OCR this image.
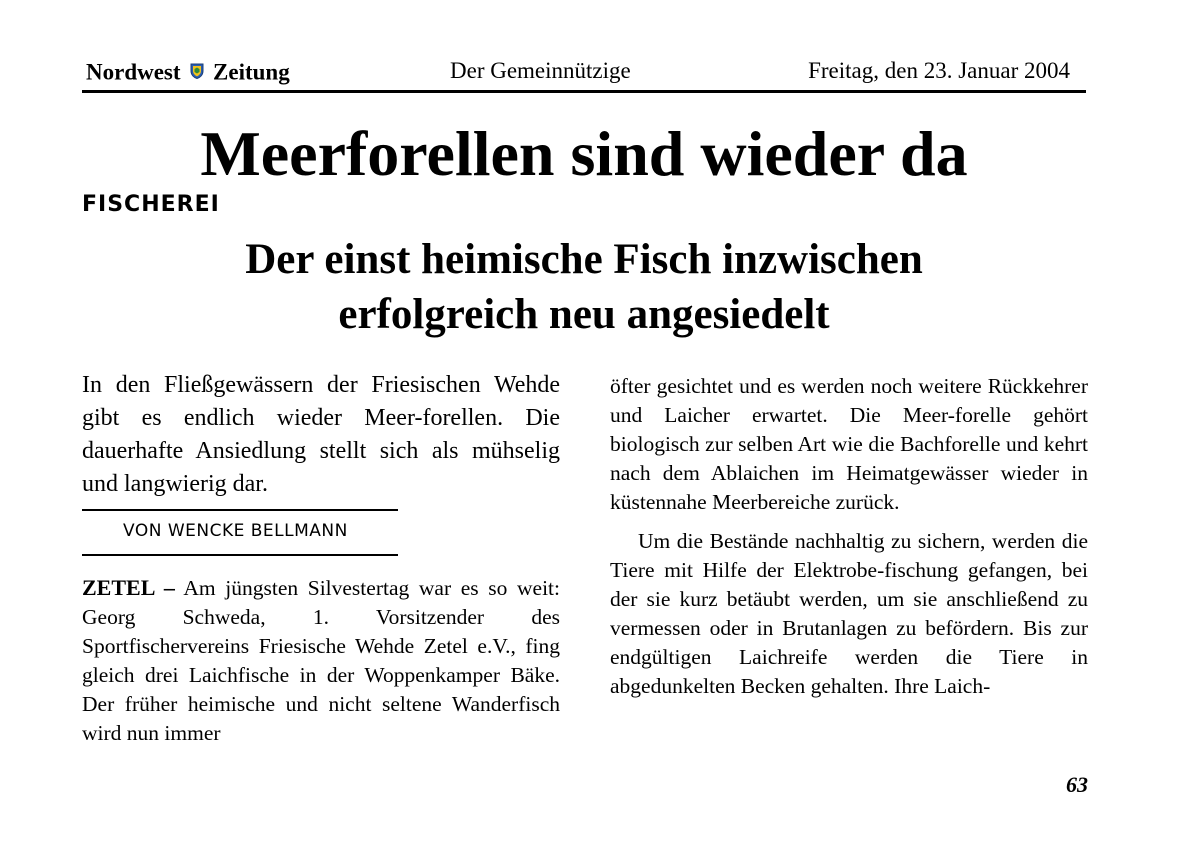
Nordwest Zeitung	Der Gemeinnützige	Freitag, den 23. Januar 2004
Meerforellen sind wieder da
FISCHEREI
Der einst heimische Fisch inzwischen
erfolgreich neu angesiedelt
In den Fließgewässern der Friesischen Wehde gibt es endlich wieder Meer-forellen. Die dauerhafte Ansiedlung stellt sich als mühselig und langwierig dar.
VON WENCKE BELLMANN
ZETEL – Am jüngsten Silvestertag war es so weit: Georg Schweda, 1. Vorsitzender des Sportfischervereins Friesische Wehde Zetel e.V., fing gleich drei Laichfische in der Woppenkamper Bäke. Der früher heimische und nicht seltene Wanderfisch wird nun immer

öfter gesichtet und es werden noch weitere Rückkehrer und Laicher erwartet. Die Meer-forelle gehört biologisch zur selben Art wie die Bachforelle und kehrt nach dem Ablaichen im Heimatgewässer wieder in küstennahe Meerbereiche zurück.

Um die Bestände nachhaltig zu sichern, werden die Tiere mit Hilfe der Elektrobe-fischung gefangen, bei der sie kurz betäubt werden, um sie anschließend zu vermessen oder in Brutanlagen zu befördern. Bis zur endgültigen Laichreife werden die Tiere in abgedunkelten Becken gehalten. Ihre Laich-

63
